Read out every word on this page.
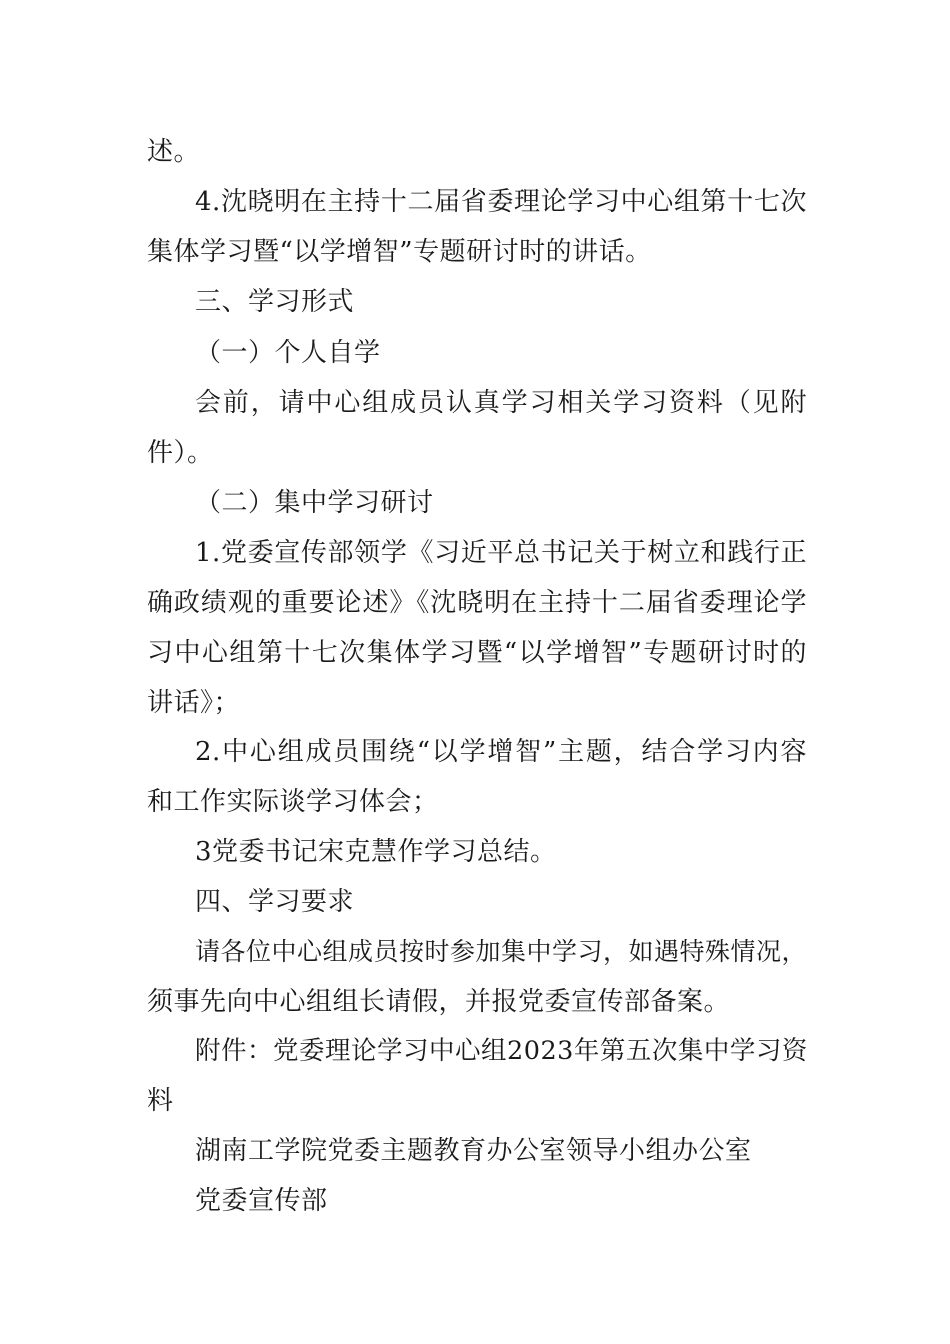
述。
4.沈晓明在主持十二届省委理论学习中心组第十七次
集体学习暨“以学增智”专题研讨时的讲话。
三、学习形式
（一）个人自学
会前，请中心组成员认真学习相关学习资料（见附
件）。
（二）集中学习研讨
1.党委宣传部领学《习近平总书记关于树立和践行正
确政绩观的重要论述》《沈晓明在主持十二届省委理论学
习中心组第十七次集体学习暨“以学增智”专题研讨时的
讲话》；
2.中心组成员围绕“以学增智”主题，结合学习内容
和工作实际谈学习体会；
3党委书记宋克慧作学习总结。
四、学习要求
请各位中心组成员按时参加集中学习，如遇特殊情况，
须事先向中心组组长请假，并报党委宣传部备案。
附件：党委理论学习中心组2023年第五次集中学习资
料
湖南工学院党委主题教育办公室领导小组办公室
党委宣传部
